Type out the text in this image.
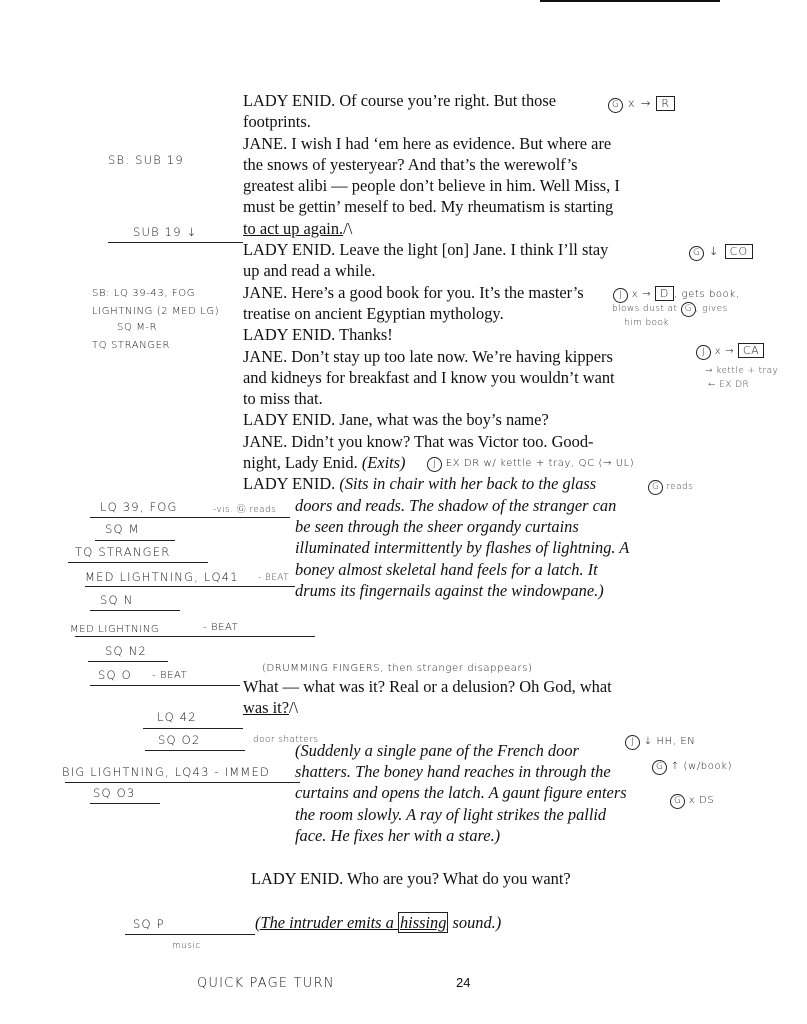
LADY ENID. Of course you’re right. But those
footprints.
JANE. I wish I had ‘em here as evidence. But where are
the snows of yesteryear? And that’s the werewolf’s
greatest alibi — people don’t believe in him. Well Miss, I
must be gettin’ meself to bed. My rheumatism is starting
to act up again./\
LADY ENID. Leave the light [on] Jane. I think I’ll stay
up and read a while.
JANE. Here’s a good book for you. It’s the master’s
treatise on ancient Egyptian mythology.
LADY ENID. Thanks!
JANE. Don’t stay up too late now. We’re having kippers
and kidneys for breakfast and I know you wouldn’t want
to miss that.
LADY ENID. Jane, what was the boy’s name?
JANE. Didn’t you know? That was Victor too. Good-
night, Lady Enid. (Exits)
LADY ENID. (Sits in chair with her back to the glass
doors and reads. The shadow of the stranger can
be seen through the sheer organdy curtains
illuminated intermittently by flashes of lightning. A
boney almost skeletal hand feels for a latch. It
drums its fingernails against the windowpane.)
What — what was it? Real or a delusion? Oh God, what
was it?/\
(Suddenly a single pane of the French door
shatters. The boney hand reaches in through the
curtains and opens the latch. A gaunt figure enters
the room slowly. A ray of light strikes the pallid
face. He fixes her with a stare.)
LADY ENID. Who are you? What do you want?
(The intruder emits a hissing sound.)
SB: SUB 19
SUB 19 ↓
SB: LQ 39-43, FOG
LIGHTNING (2 MED LG)
SQ M-R
TQ STRANGER
LQ 39, FOG	-vis. Ⓖ reads
SQ M
TQ STRANGER
MED LIGHTNING, LQ41 - BEAT
SQ N
MED LIGHTNING	- BEAT
SQ N2
SQ O - BEAT
(DRUMMING FINGERS, then stranger disappears)
LQ 42
SQ O2	door shatters
BIG LIGHTNING, LQ43 - IMMED
SQ O3
SQ P
music
QUICK PAGE TURN
G x → R
G ↓ CO
J x → D , gets book,
blows dust at G , gives
him book
J x → CA
→ kettle + tray
← EX DR
J EX DR w/ kettle + tray, QC (→ UL)
G reads
J ↓ HH, EN
G ↑ (w/book)
G x DS
24
